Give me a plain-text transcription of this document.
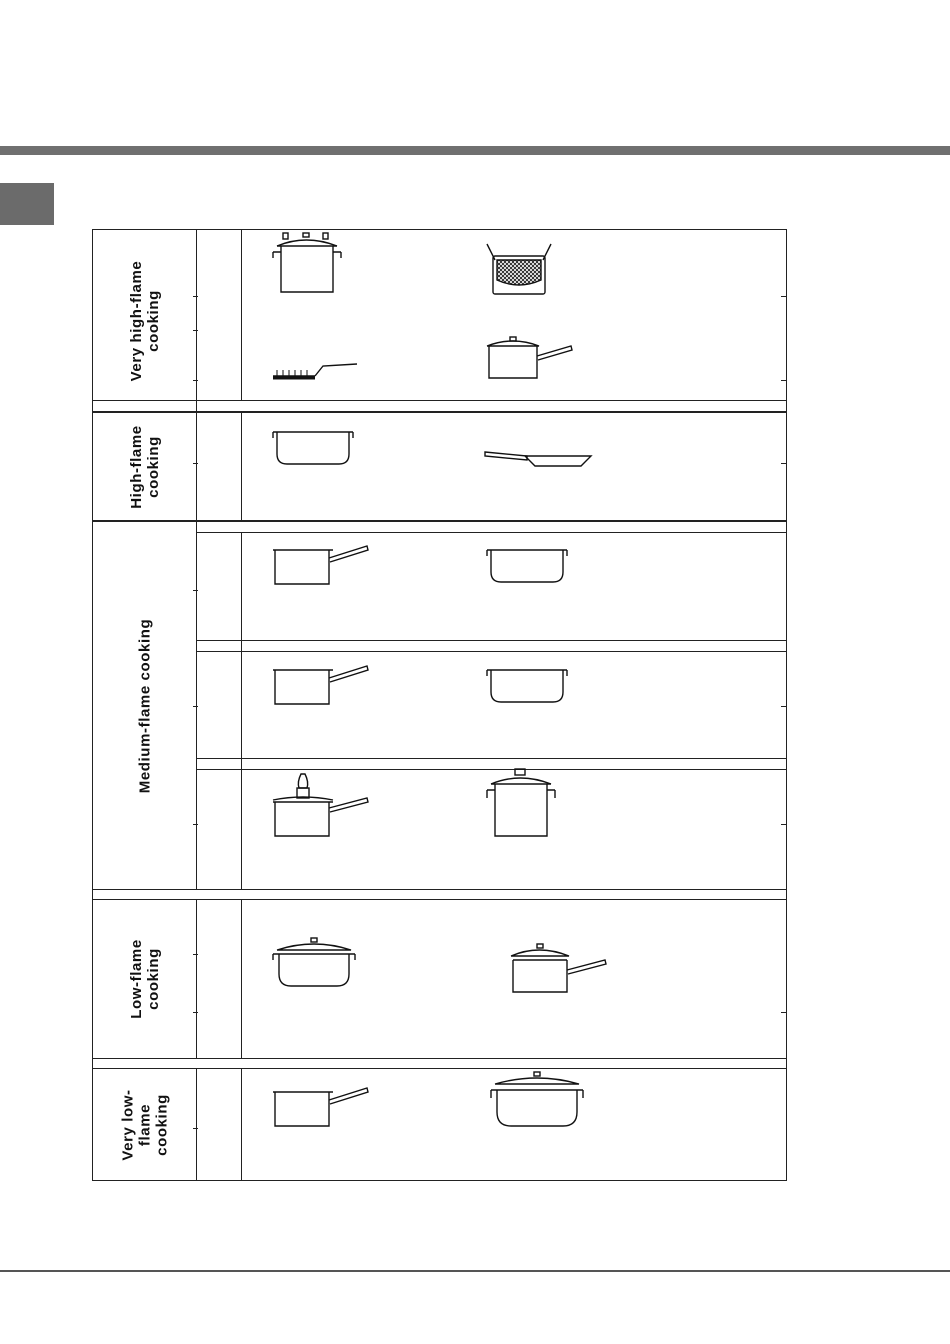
Very high-flame
cooking
High-flame
cooking
Medium-flame cooking
Low-flame
cooking
Very low-
flame
cooking
